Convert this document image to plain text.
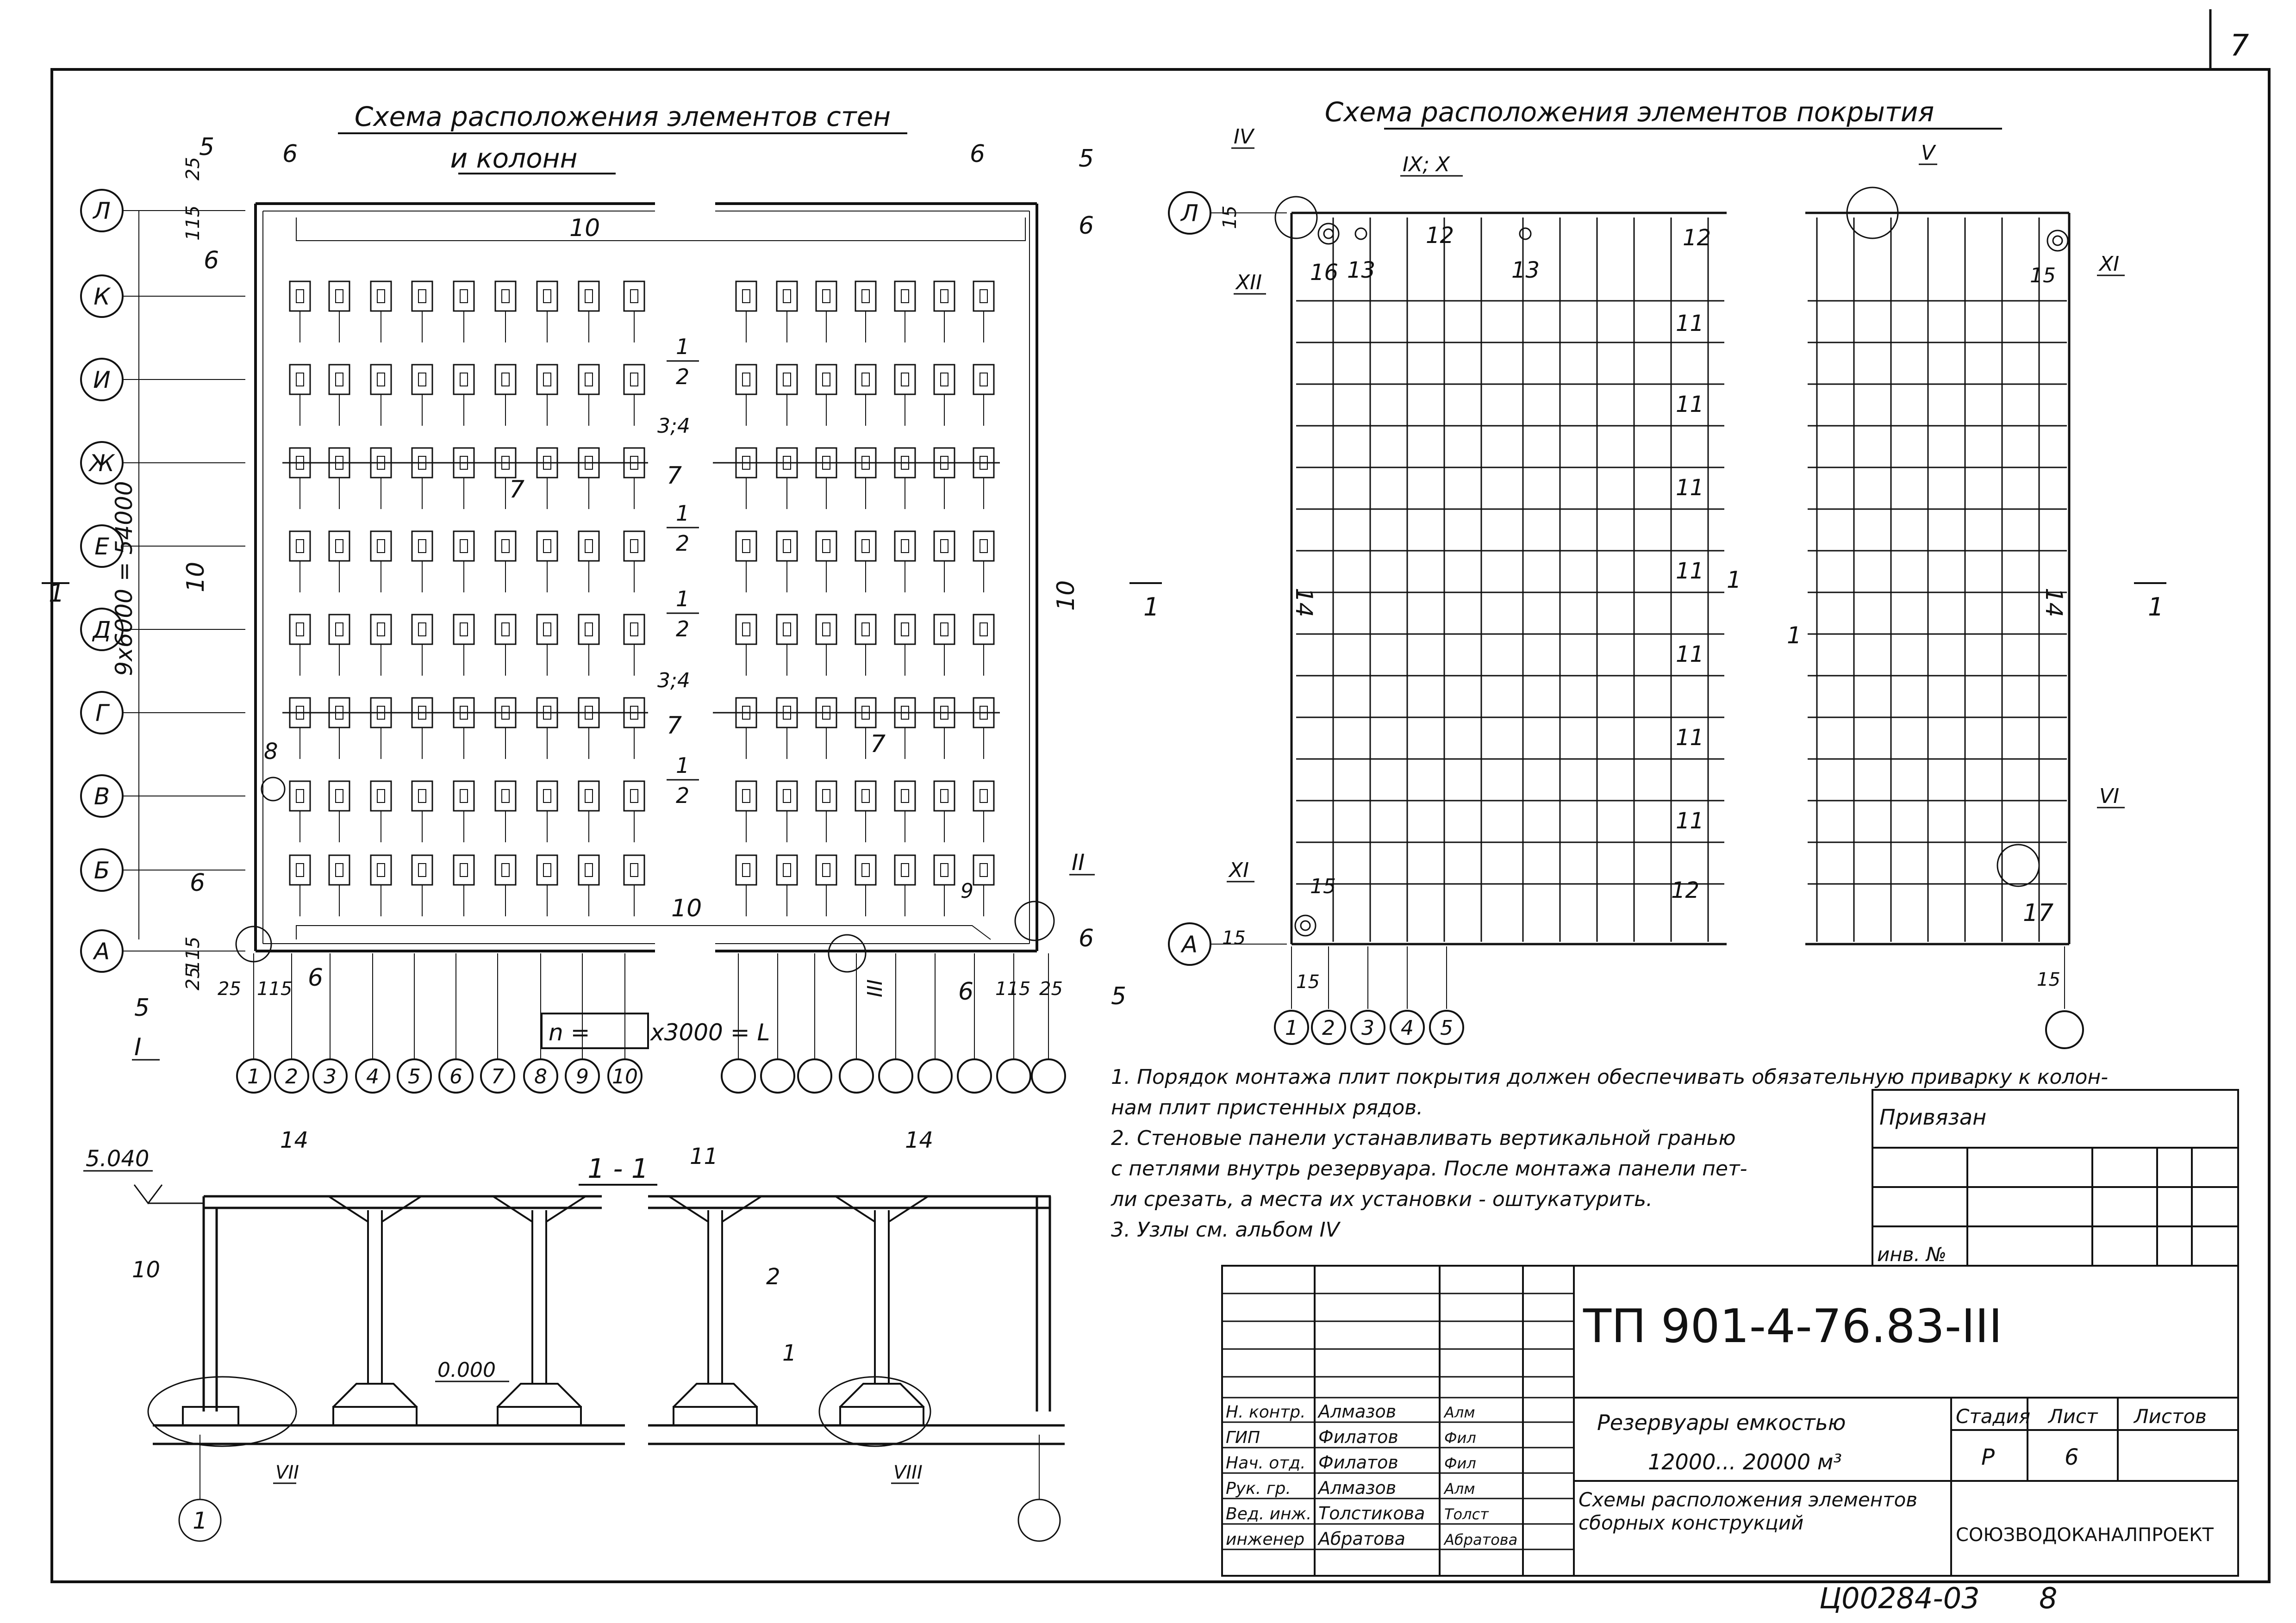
7
Схема расположения элементов стен
и колонн
Л
К
И
Ж
Е
Д
Г
В
Б
А
1 2 3 4 5 6 7 8 9 10
9x6000 = 54000
25
115
115
25 25 115	115 25
10
10
10
10
5	6
6
6	5
6
6
5
6
6
6	5
8
9
7	7
7
7
3;4
3;4
1
2
1
2
1
2
1
2
I
II
III
1	1
n =	x3000 = L
Схема расположения элементов покрытия
Л
А
1 2 3 4 5
16 13	13
12	12
12
11
11
11
11
11
11
11
15
15
17
14	14
1
1
15
15
15	15
IV
IX; X	V
XI
XI
XII
VI
1
1 - 1
5.040
0.000
14	14
11
10	2
1
VII	VIII
1
Привязан
инв. №
ТП 901-4-76.83-III
Резервуары емкостью
12000... 20000 м³
Схемы расположения элементов
сборных конструкций
Стадия Лист Листов
Р	6
СОЮЗВОДОКАНАЛПРОЕКТ
Н. контр. Алмазов	Алм
ГИП	Филатов	Фил
Нач. отд. Филатов	Фил
Рук. гр. Алмазов	Алм
Вед. инж. Толстикова Толст
инженер Абратова	Абратова
Ц00284-03 8
1. Порядок монтажа плит покрытия должен обеспечивать обязательную приварку к колон-
нам плит пристенных рядов.
2. Стеновые панели устанавливать вертикальной гранью
с петлями внутрь резервуара. После монтажа панели пет-
ли срезать, а места их установки - оштукатурить.
3. Узлы см. альбом IV
